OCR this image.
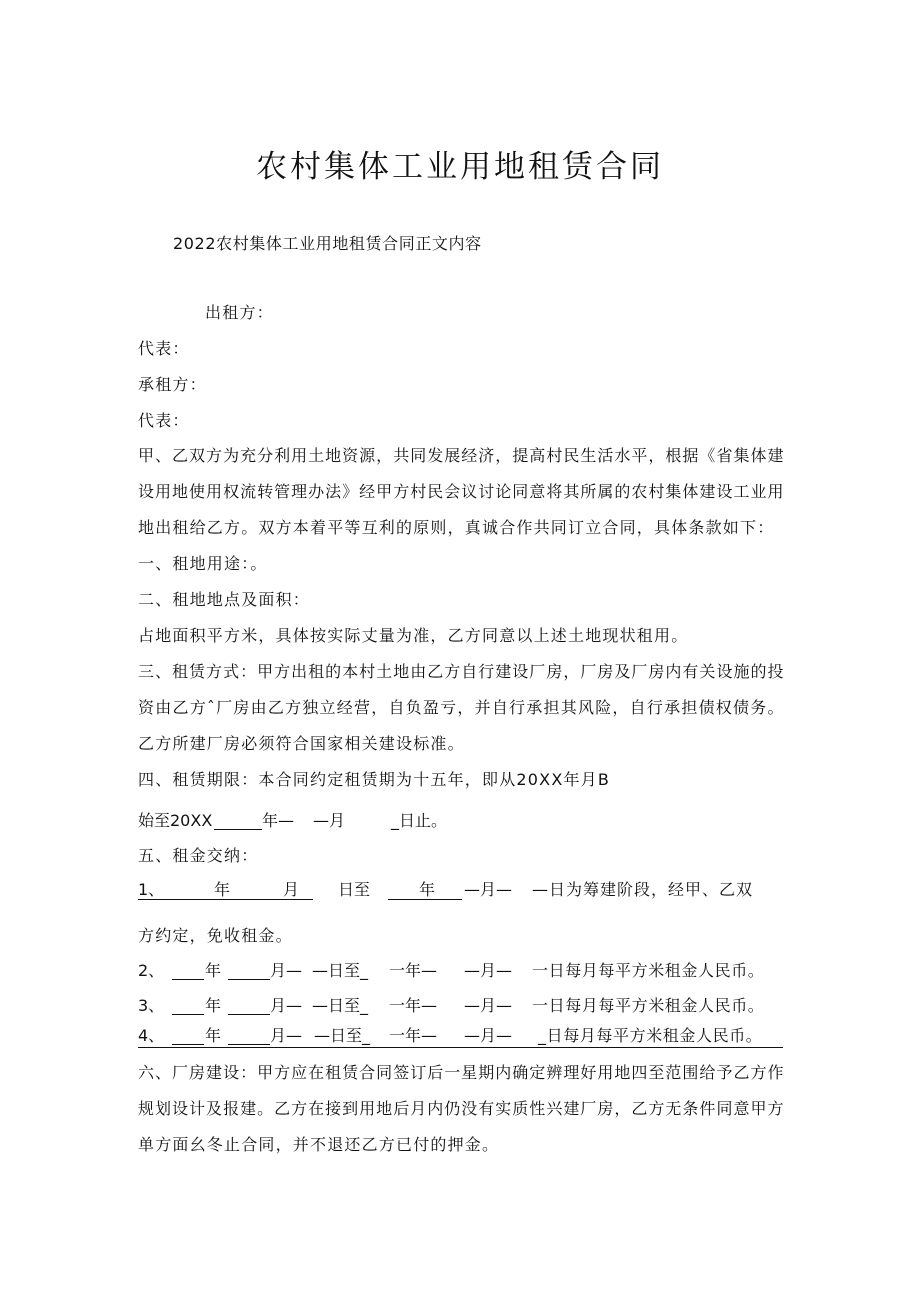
农村集体工业用地租赁合同
2022农村集体工业用地租赁合同正文内容
出租方：
代表：
承租方：
代表：
甲、乙双方为充分利用土地资源，共同发展经济，提高村民生活水平，根据《省集体建
设用地使用权流转管理办法》经甲方村民会议讨论同意将其所属的农村集体建设工业用
地出租给乙方。双方本着平等互利的原则，真诚合作共同订立合同，具体条款如下：
一、租地用途：。
二、租地地点及面积：
占地面积平方米，具体按实际丈量为准，乙方同意以上述土地现状租用。
三、租赁方式：甲方出租的本村土地由乙方自行建设厂房，厂房及厂房内有关设施的投
资由乙方ˆ厂房由乙方独立经营，自负盈亏，并自行承担其风险，自行承担债权债务。
乙方所建厂房必须符合国家相关建设标准。
四、租赁期限：本合同约定租赁期为十五年，即从20XX年月B
始至20XX	年— —月	_日止。
五、租金交纳：
1、	年	月 日至	年 —月— —日为筹建阶段，经甲、乙双
方约定，免收租金。
2、	年	月— —日至_ 一年— —月— 一日每月每平方米租金人民币。
3、	年	月— —日至_ 一年— —月— 一日每月每平方米租金人民币。
4、	年	月— —日至_ 一年— —月— _日每月每平方米租金人民币。
六、厂房建设：甲方应在租赁合同签订后一星期内确定辨理好用地四至范围给予乙方作
规划设计及报建。乙方在接到用地后月内仍没有实质性兴建厂房，乙方无条件同意甲方
单方面幺冬止合同，并不退还乙方已付的押金。
